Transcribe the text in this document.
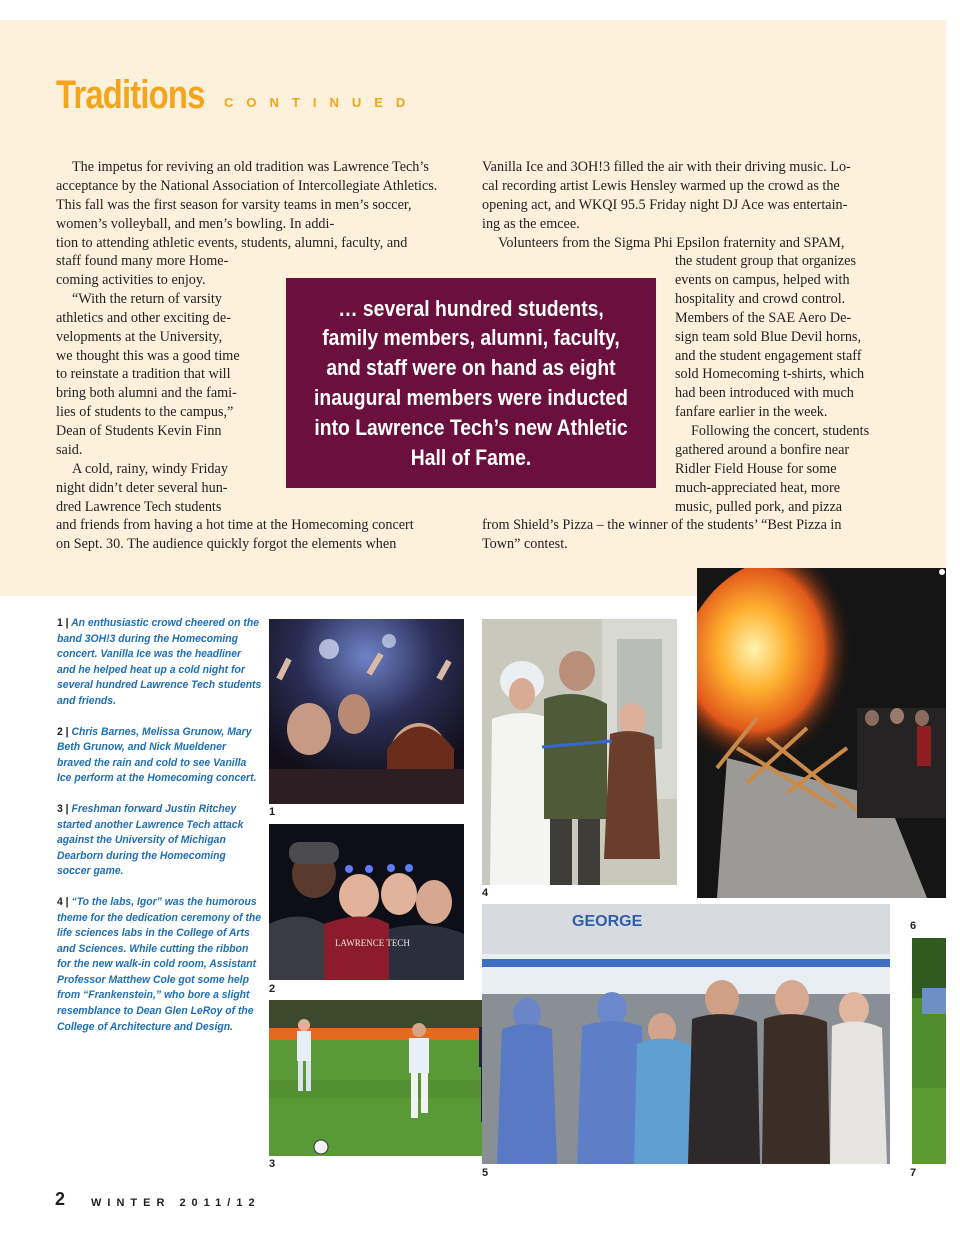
Traditions CONTINUED

The impetus for reviving an old tradition was Lawrence Tech’s acceptance by the National Association of Intercollegiate Athletics. This fall was the first season for varsity teams in men’s soccer, women’s volleyball, and men’s bowling. In addi-

tion to attending athletic events, students, alumni, faculty, and

staff found many more Home-

coming activities to enjoy.

“With the return of varsity

athletics and other exciting de-

velopments at the University,

we thought this was a good time

to reinstate a tradition that will

bring both alumni and the fami-

lies of students to the campus,”

Dean of Students Kevin Finn

said.

A cold, rainy, windy Friday

night didn’t deter several hun-

dred Lawrence Tech students

and friends from having a hot time at the Homecoming concert

on Sept. 30. The audience quickly forgot the elements when

Vanilla Ice and 3OH!3 filled the air with their driving music. Lo-

cal recording artist Lewis Hensley warmed up the crowd as the

opening act, and WKQI 95.5 Friday night DJ Ace was entertain-

ing as the emcee.

Volunteers from the Sigma Phi Epsilon fraternity and SPAM,

the student group that organizes

events on campus, helped with

hospitality and crowd control.

Members of the SAE Aero De-

sign team sold Blue Devil horns,

and the student engagement staff

sold Homecoming t-shirts, which

had been introduced with much

fanfare earlier in the week.

Following the concert, students

gathered around a bonfire near

Ridler Field House for some

much-appreciated heat, more

music, pulled pork, and pizza

from Shield’s Pizza – the winner of the students’ “Best Pizza in

Town” contest.

… several hundred students, family members, alumni, faculty, and staff were on hand as eight inaugural members were inducted into Lawrence Tech’s new Athletic Hall of Fame.

1 | An enthusiastic crowd cheered on the band 3OH!3 during the Homecoming concert. Vanilla Ice was the headliner and he helped heat up a cold night for several hundred Lawrence Tech students and friends.

2 | Chris Barnes, Melissa Grunow, Mary Beth Grunow, and Nick Mueldener braved the rain and cold to see Vanilla Ice perform at the Homecoming concert.

3 | Freshman forward Justin Ritchey started another Lawrence Tech attack against the University of Michigan Dearborn during the Homecoming soccer game.

4 | “To the labs, Igor” was the humorous theme for the dedication ceremony of the life sciences labs in the College of Arts and Sciences. While cutting the ribbon for the new walk-in cold room, Assistant Professor Matthew Cole got some help from “Frankenstein,” who bore a slight resemblance to Dean Glen LeRoy of the College of Architecture and Design.

1
LAWRENCE TECH
2
3
4
GEORGE
5
6
7
2 WINTER 2011/12
